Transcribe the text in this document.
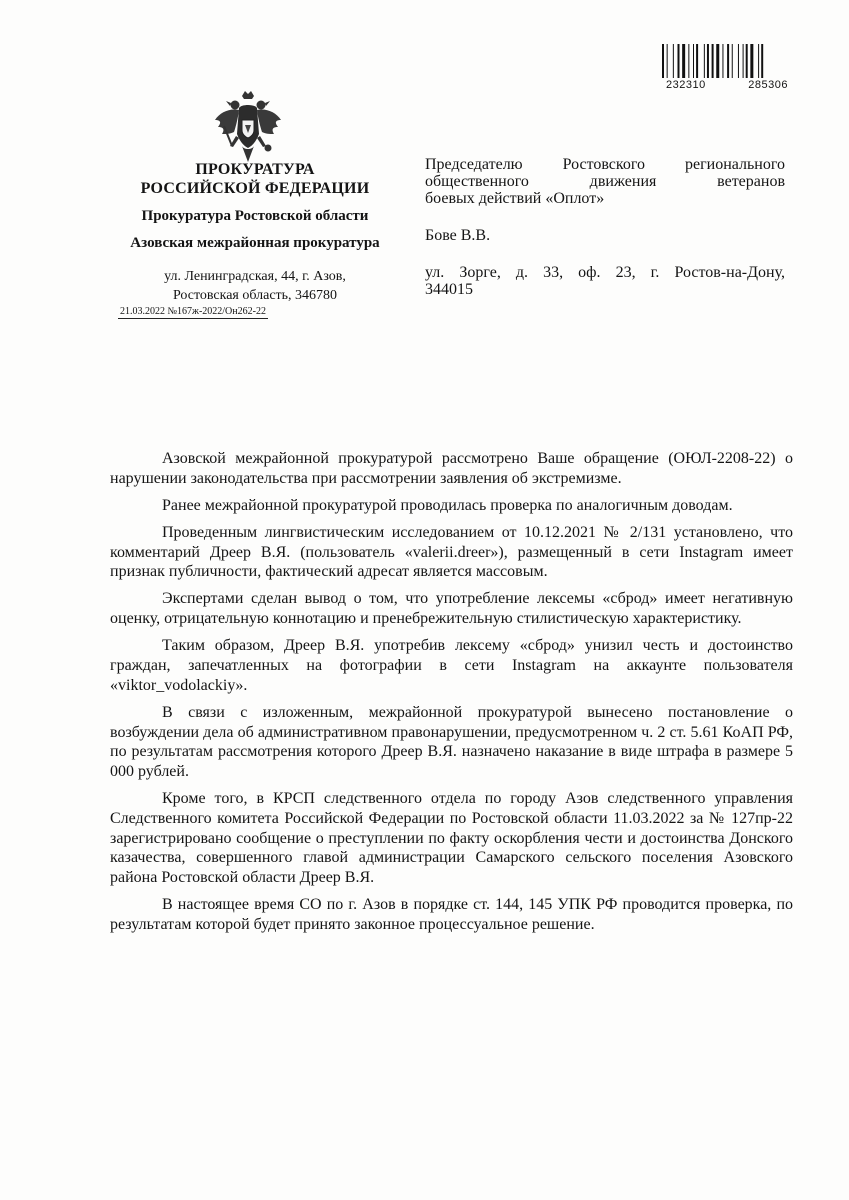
232310	285306
ПРОКУРАТУРА
РОССИЙСКОЙ ФЕДЕРАЦИИ
Прокуратура Ростовской области
Азовская межрайонная прокуратура
ул. Ленинградская, 44, г. Азов,
Ростовская область, 346780
21.03.2022 №167ж-2022/Он262-22
Председателю Ростовского регионального
общественного движения ветеранов
боевых действий «Оплот»
Бове В.В.
ул. Зорге, д. 33, оф. 23, г. Ростов-на-Дону,
344015

Азовской межрайонной прокуратурой рассмотрено Ваше обращение (ОЮЛ-2208-22) о нарушении законодательства при рассмотрении заявления об экстремизме.

Ранее межрайонной прокуратурой проводилась проверка по аналогичным доводам.

Проведенным лингвистическим исследованием от 10.12.2021 № 2/131 установлено, что комментарий Дреер В.Я. (пользователь «valerii.dreer»), размещенный в сети Instagram имеет признак публичности, фактический адресат является массовым.

Экспертами сделан вывод о том, что употребление лексемы «сброд» имеет негативную оценку, отрицательную коннотацию и пренебрежительную стилистическую характеристику.

Таким образом, Дреер В.Я. употребив лексему «сброд» унизил честь и достоинство граждан, запечатленных на фотографии в сети Instagram на аккаунте пользователя «viktor_vodolackiy».

В связи с изложенным, межрайонной прокуратурой вынесено постановление о возбуждении дела об административном правонарушении, предусмотренном ч. 2 ст. 5.61 КоАП РФ, по результатам рассмотрения которого Дреер В.Я. назначено наказание в виде штрафа в размере 5 000 рублей.

Кроме того, в КРСП следственного отдела по городу Азов следственного управления Следственного комитета Российской Федерации по Ростовской области 11.03.2022 за № 127пр-22 зарегистрировано сообщение о преступлении по факту оскорбления чести и достоинства Донского казачества, совершенного главой администрации Самарского сельского поселения Азовского района Ростовской области Дреер В.Я.

В настоящее время СО по г. Азов в порядке ст. 144, 145 УПК РФ проводится проверка, по результатам которой будет принято законное процессуальное решение.
